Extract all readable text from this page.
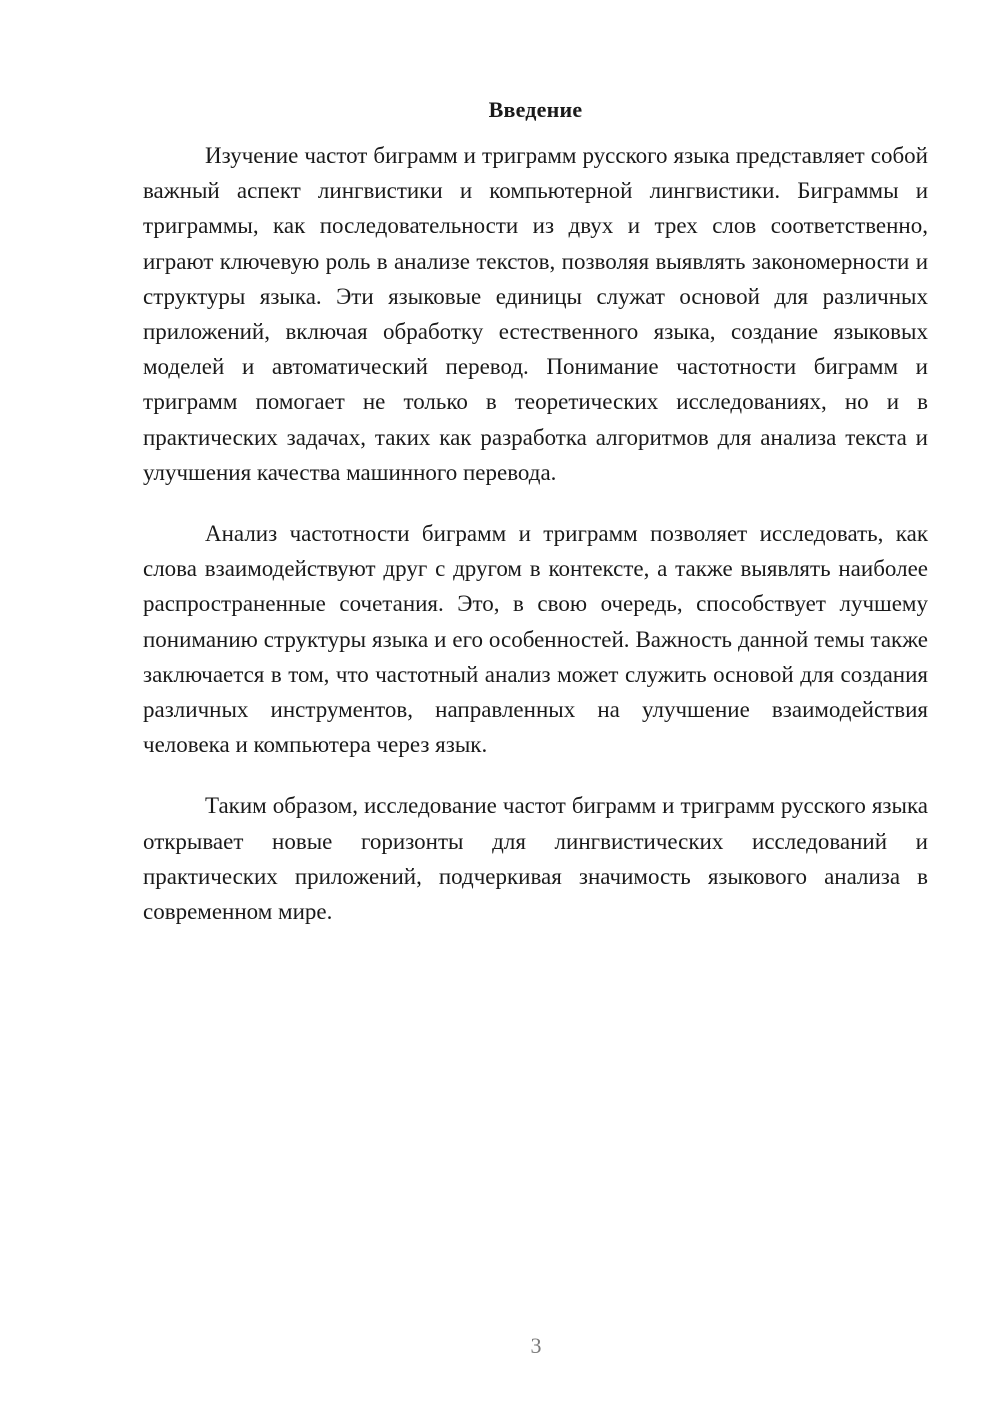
Введение

Изучение частот биграмм и триграмм русского языка представляет собой важный аспект лингвистики и компьютерной лингвистики. Биграммы и триграммы, как последовательности из двух и трех слов соответственно, играют ключевую роль в анализе текстов, позволяя выявлять закономерности и структуры языка. Эти языковые единицы служат основой для различных приложений, включая обработку естественного языка, создание языковых моделей и автоматический перевод. Понимание частотности биграмм и триграмм помогает не только в теоретических исследованиях, но и в практических задачах, таких как разработка алгоритмов для анализа текста и улучшения качества машинного перевода.

Анализ частотности биграмм и триграмм позволяет исследовать, как слова взаимодействуют друг с другом в контексте, а также выявлять наиболее распространенные сочетания. Это, в свою очередь, способствует лучшему пониманию структуры языка и его особенностей. Важность данной темы также заключается в том, что частотный анализ может служить основой для создания различных инструментов, направленных на улучшение взаимодействия человека и компьютера через язык.

Таким образом, исследование частот биграмм и триграмм русского языка открывает новые горизонты для лингвистических исследований и практических приложений, подчеркивая значимость языкового анализа в современном мире.

3
